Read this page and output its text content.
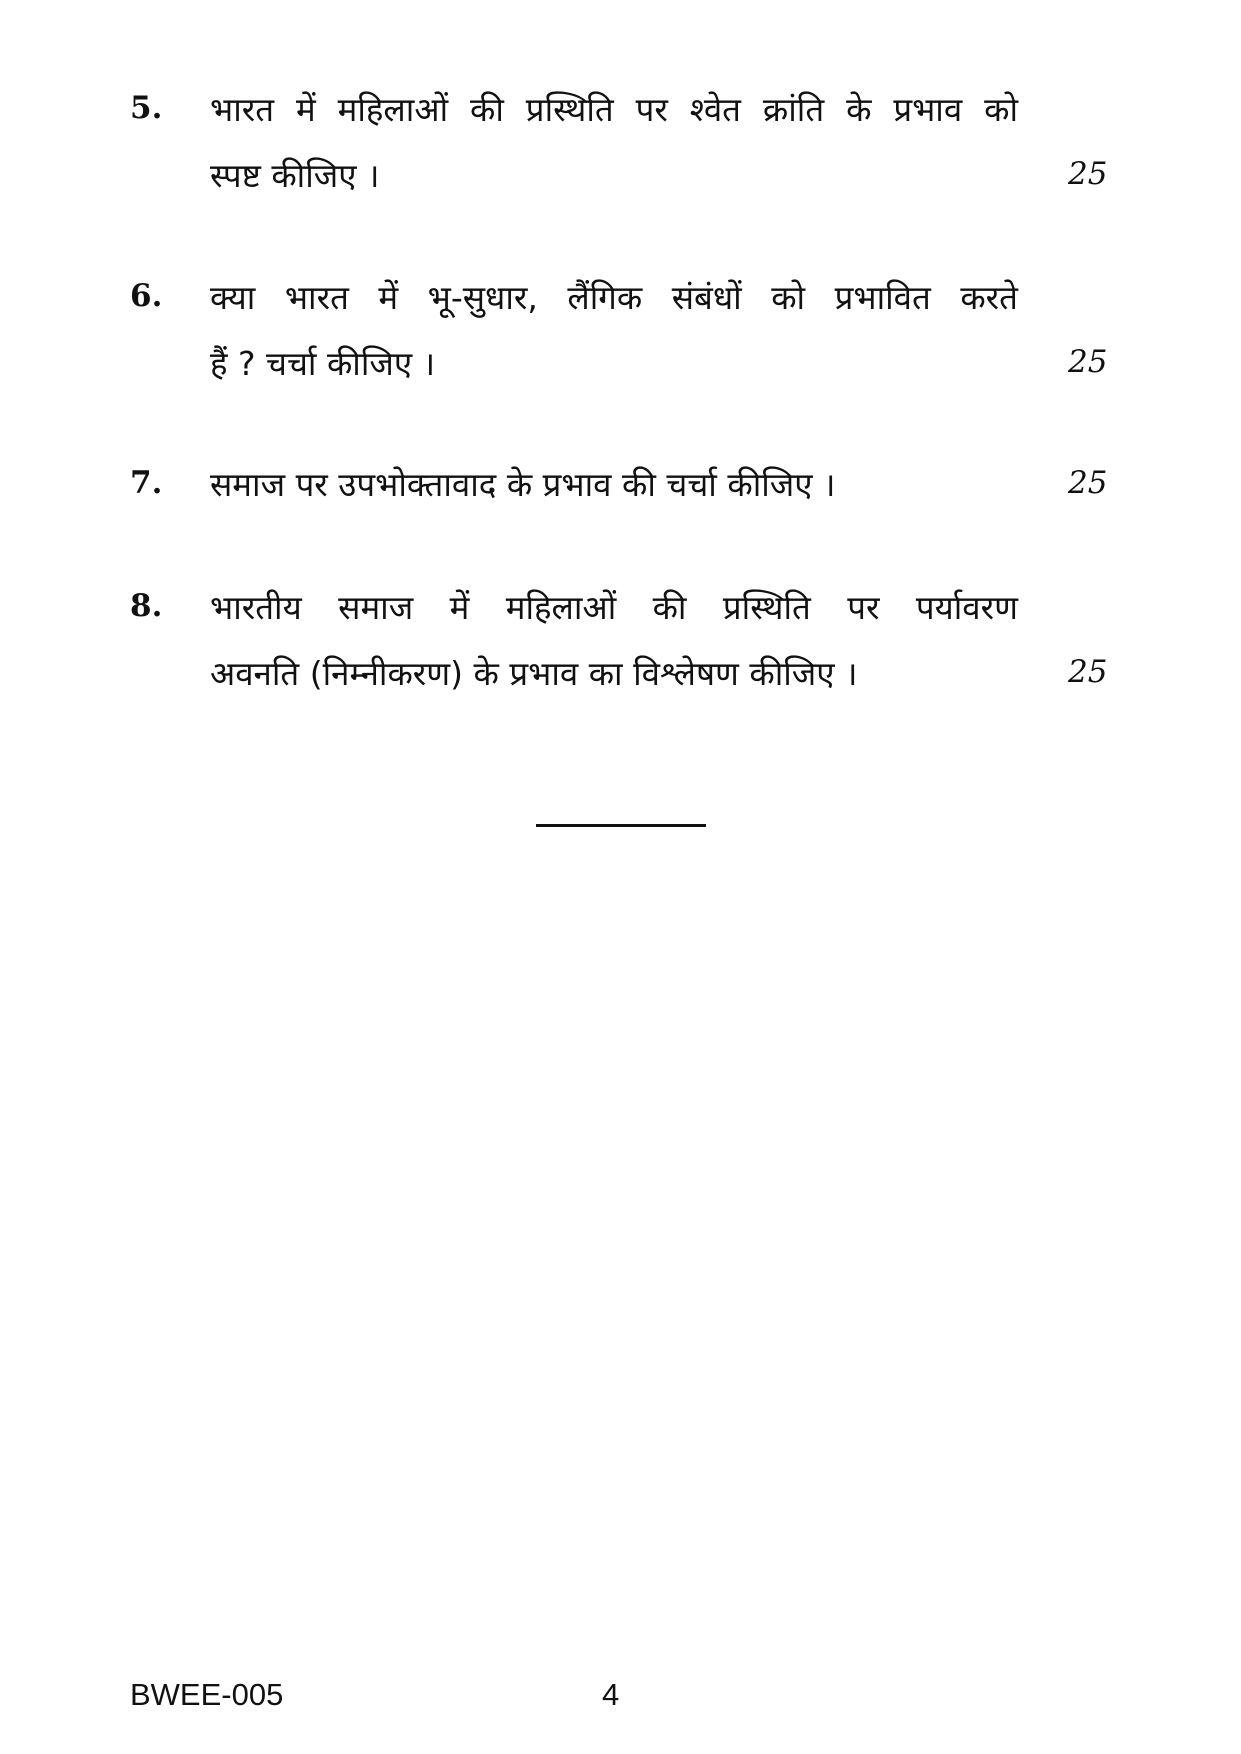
5. भारत में महिलाओं की प्रस्थिति पर श्वेत क्रांति के प्रभाव को
स्पष्ट कीजिए ।	25
6. क्या भारत में भू-सुधार, लैंगिक संबंधों को प्रभावित करते
हैं ? चर्चा कीजिए ।	25
7. समाज पर उपभोक्तावाद के प्रभाव की चर्चा कीजिए ।	25
8. भारतीय समाज में महिलाओं की प्रस्थिति पर पर्यावरण
अवनति (निम्नीकरण) के प्रभाव का विश्लेषण कीजिए ।	25
BWEE-005	4
